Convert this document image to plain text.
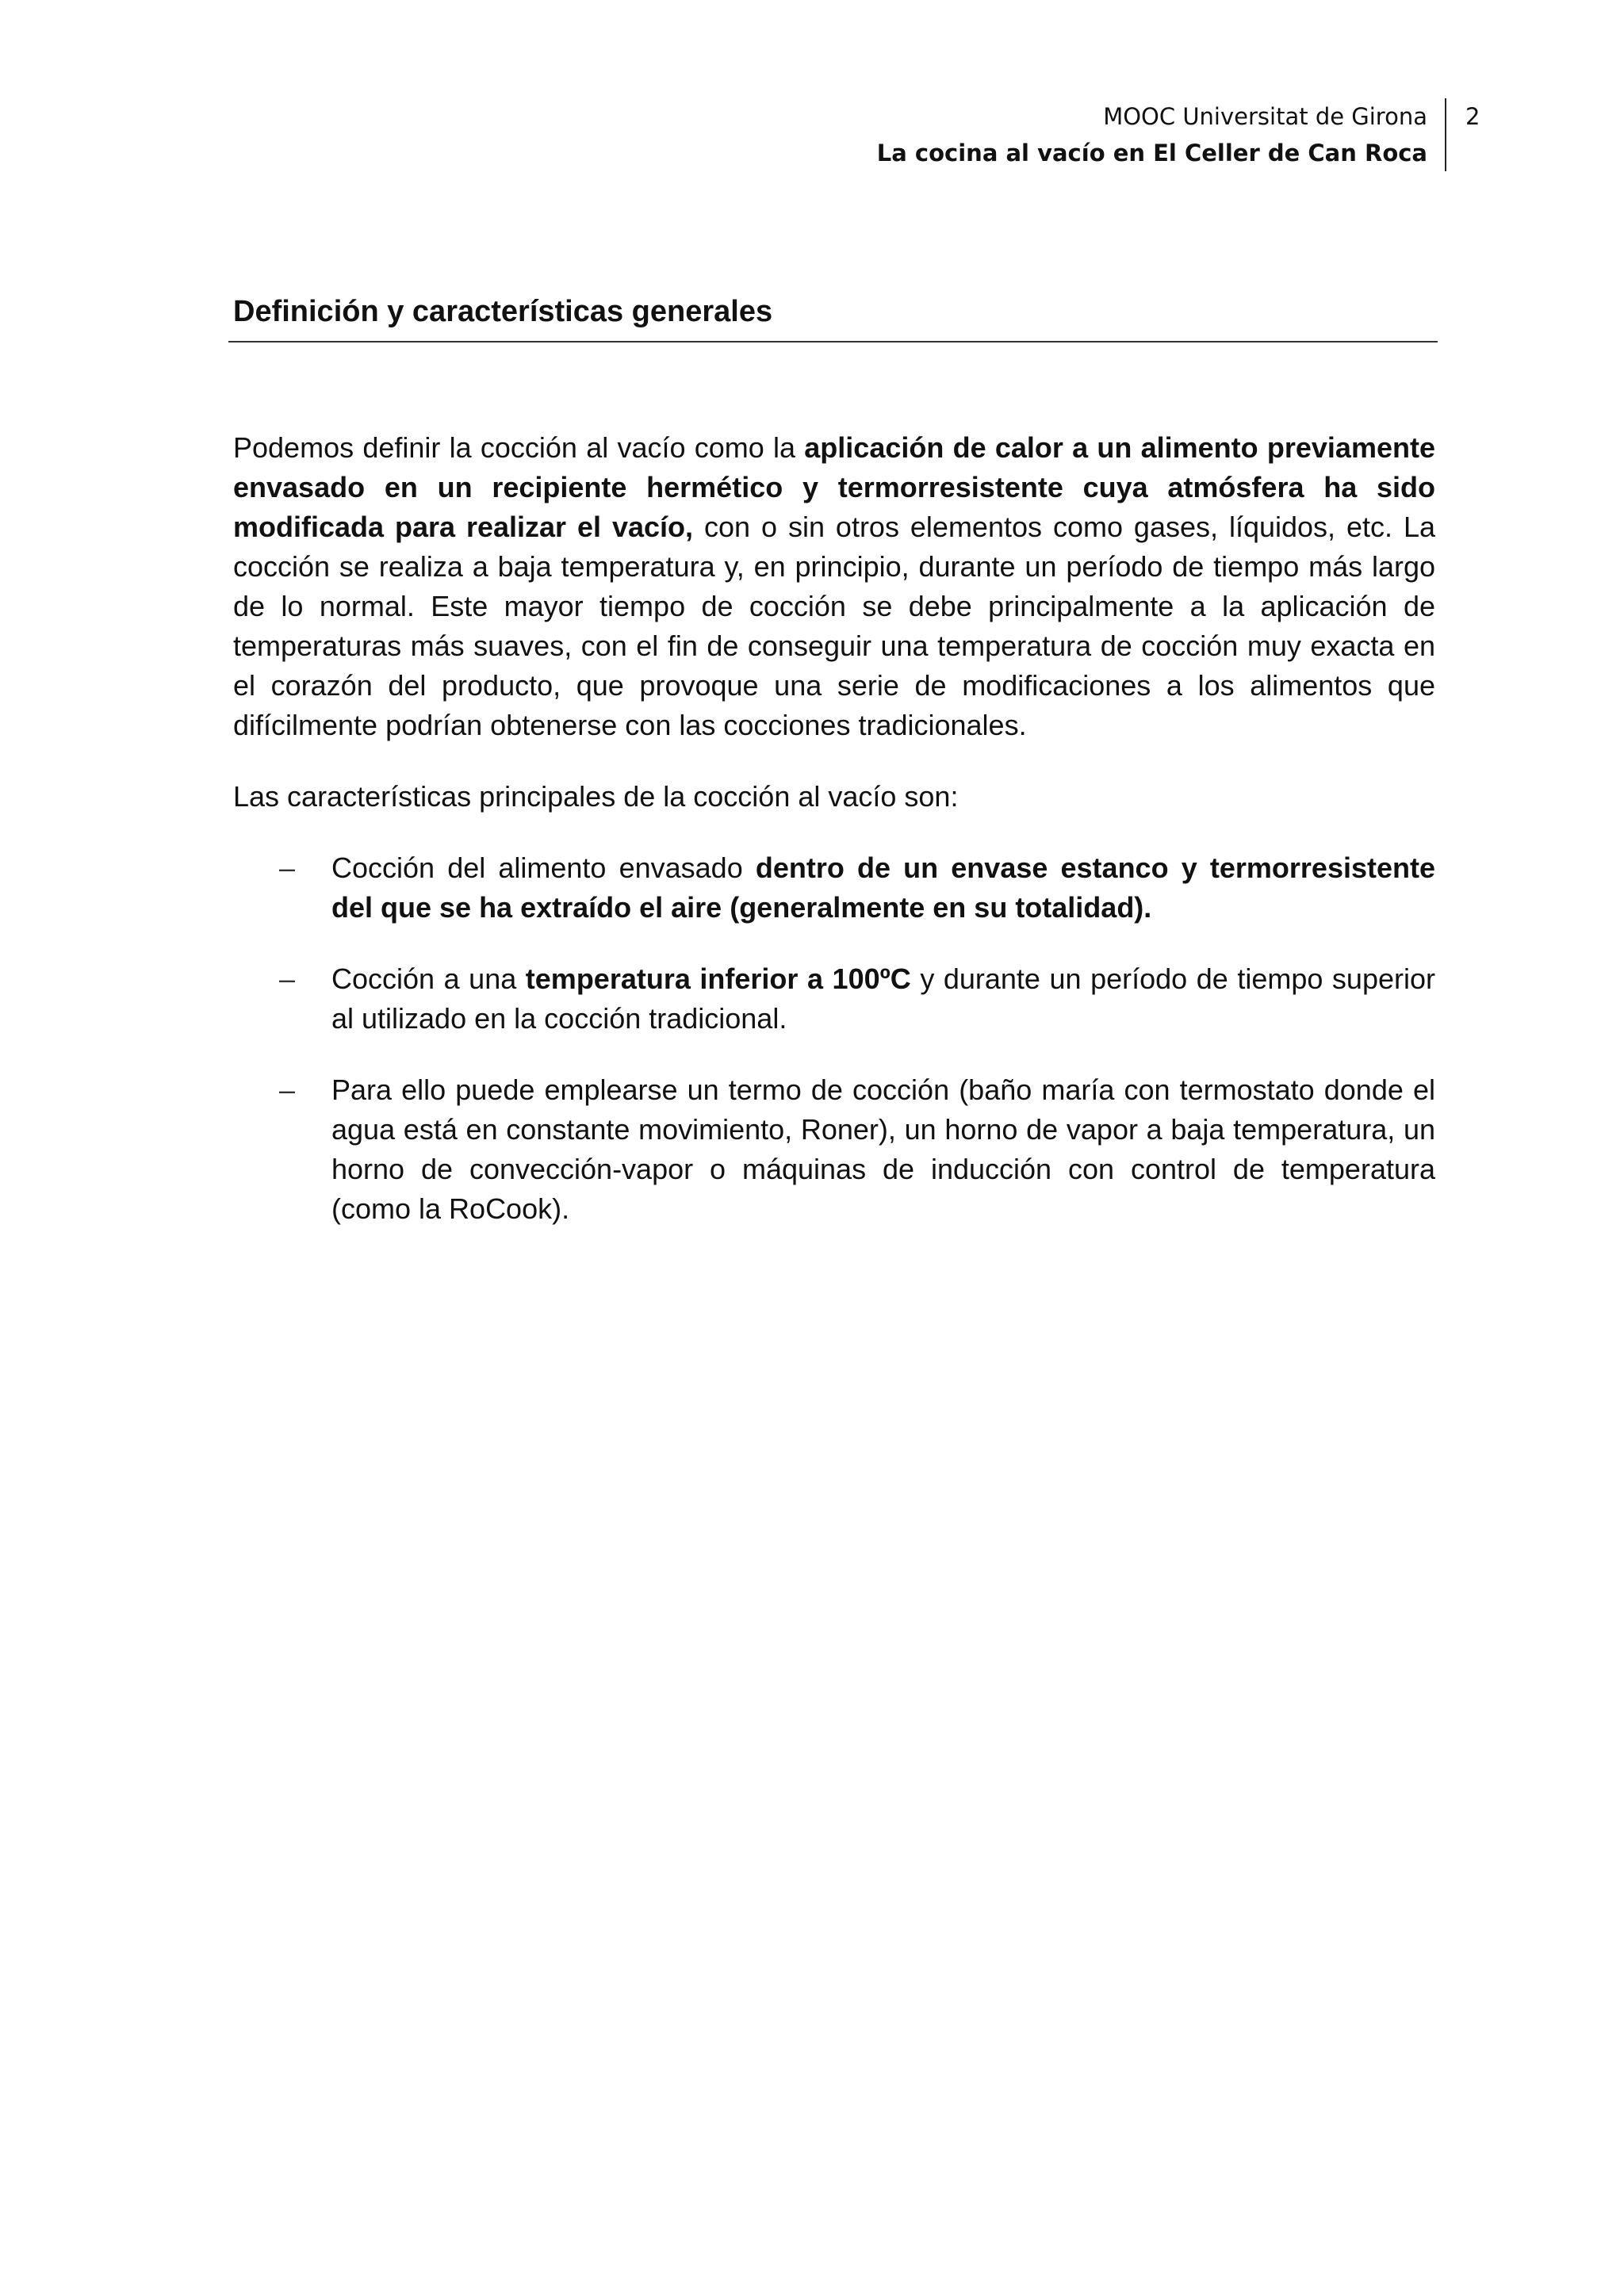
MOOC Universitat de Girona
La cocina al vacío en El Celler de Can Roca
2
Definición y características generales

Podemos definir la cocción al vacío como la aplicación de calor a un alimento previamente envasado en un recipiente hermético y termorresistente cuya atmósfera ha sido modificada para realizar el vacío, con o sin otros elementos como gases, líquidos, etc. La cocción se realiza a baja temperatura y, en principio, durante un período de tiempo más largo de lo normal. Este mayor tiempo de cocción se debe principalmente a la aplicación de temperaturas más suaves, con el fin de conseguir una temperatura de cocción muy exacta en el corazón del producto, que provoque una serie de modificaciones a los alimentos que difícilmente podrían obtenerse con las cocciones tradicionales.

Las características principales de la cocción al vacío son:

– Cocción del alimento envasado dentro de un envase estanco y termorresistente del que se ha extraído el aire (generalmente en su totalidad).
– Cocción a una temperatura inferior a 100ºC y durante un período de tiempo superior al utilizado en la cocción tradicional.
– Para ello puede emplearse un termo de cocción (baño maría con termostato donde el agua está en constante movimiento, Roner), un horno de vapor a baja temperatura, un horno de convección-vapor o máquinas de inducción con control de temperatura (como la RoCook).
